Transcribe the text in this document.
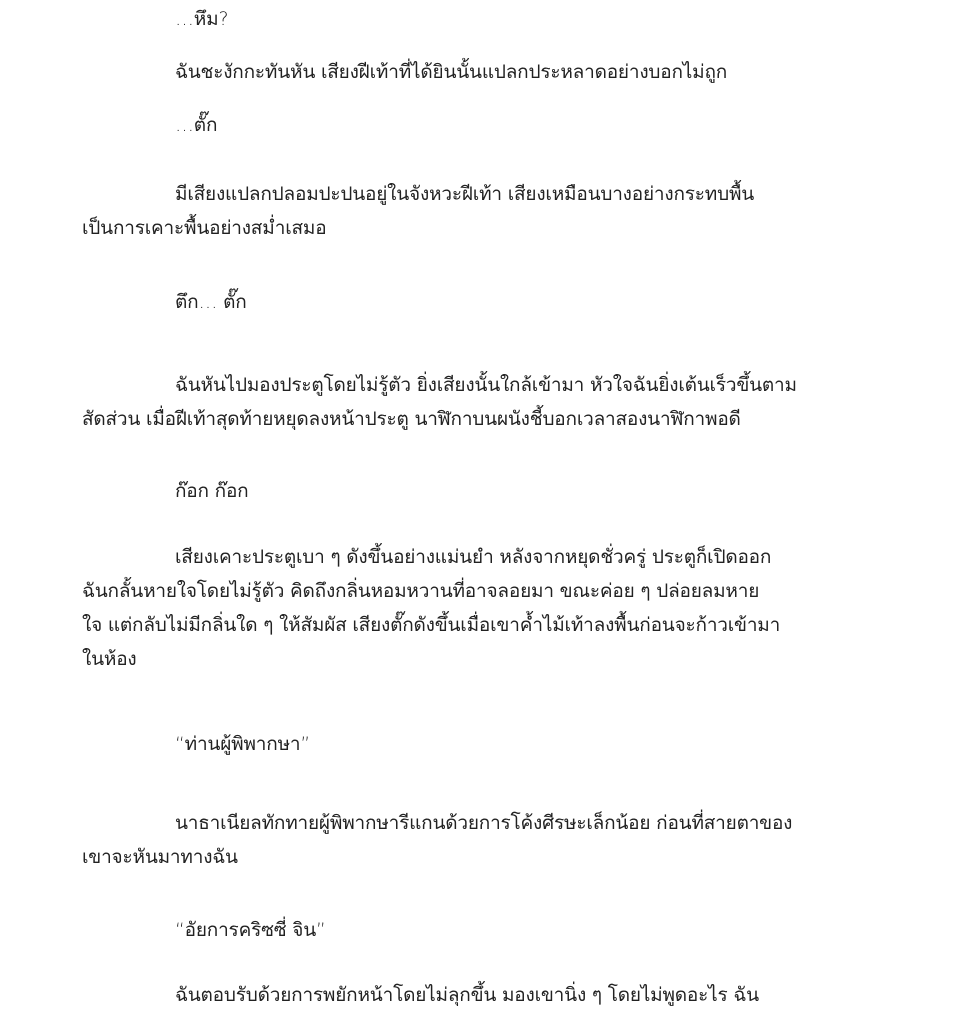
…หึม?
ฉันชะงักกะทันหัน เสียงฝีเท้าที่ได้ยินนั้นแปลกประหลาดอย่างบอกไม่ถูก
…ตั๊ก
มีเสียงแปลกปลอมปะปนอยู่ในจังหวะฝีเท้า เสียงเหมือนบางอย่างกระทบพื้น
เป็นการเคาะพื้นอย่างสม่ำเสมอ
ตึก… ตั๊ก
ฉันหันไปมองประตูโดยไม่รู้ตัว ยิ่งเสียงนั้นใกล้เข้ามา หัวใจฉันยิ่งเต้นเร็วขึ้นตาม
สัดส่วน เมื่อฝีเท้าสุดท้ายหยุดลงหน้าประตู นาฬิกาบนผนังชี้บอกเวลาสองนาฬิกาพอดี
ก๊อก ก๊อก
เสียงเคาะประตูเบา ๆ ดังขึ้นอย่างแม่นยำ หลังจากหยุดชั่วครู่ ประตูก็เปิดออก
ฉันกลั้นหายใจโดยไม่รู้ตัว คิดถึงกลิ่นหอมหวานที่อาจลอยมา ขณะค่อย ๆ ปล่อยลมหาย
ใจ แต่กลับไม่มีกลิ่นใด ๆ ให้สัมผัส เสียงตั๊กดังขึ้นเมื่อเขาค้ำไม้เท้าลงพื้นก่อนจะก้าวเข้ามา
ในห้อง
“ท่านผู้พิพากษา”
นาธาเนียลทักทายผู้พิพากษารีแกนด้วยการโค้งศีรษะเล็กน้อย ก่อนที่สายตาของ
เขาจะหันมาทางฉัน
“อัยการคริซซี่ จิน”
ฉันตอบรับด้วยการพยักหน้าโดยไม่ลุกขึ้น มองเขานิ่ง ๆ โดยไม่พูดอะไร ฉัน
